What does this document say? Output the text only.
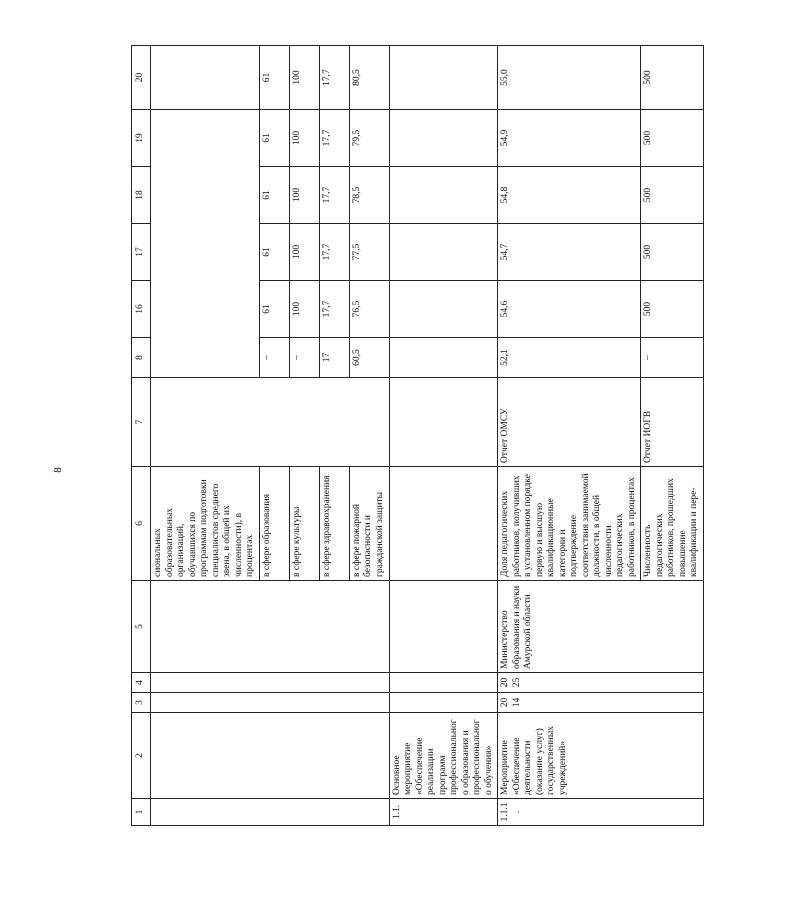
8
1	2	3	4	5	6	7	8	16	17	18	19	20
					сиональных образовательных организаций, обучавшихся по программам подготовки специалистов среднего звена, в общей их численности), в процентах							
					в сфере образования		–	61	61	61	61	61
					в сфере культуры		–	100	100	100	100	100
					в сфере здравоохранения		17	17,7	17,7	17,7	17,7	17,7
					в сфере пожарной безопасности и гражданской защиты		60,5	76,5	77,5	78,5	79,5	80,5
1.1.	Основное мероприятие «Обеспечение реализации программ профессионального образования и профессионального обучения»											
1.1.1.	Мероприятие «Обеспечение деятельности (оказание услуг) государственных учреждений»	2014	2025	Министерство образования и науки Амурской области	Доля педагогических работников, получивших в установленном порядке первую и высшую квалификационные категории и подтверждение соответствия занимаемой должности, в общей численности педагогических работников, в процентах	Отчет ОМСУ	52,1	54,6	54,7	54,8	54,9	55,0
					Численность педагогических работников, прошедших повышение квалификации и пере-	Отчет ИОГВ	–	500	500	500	500	500
